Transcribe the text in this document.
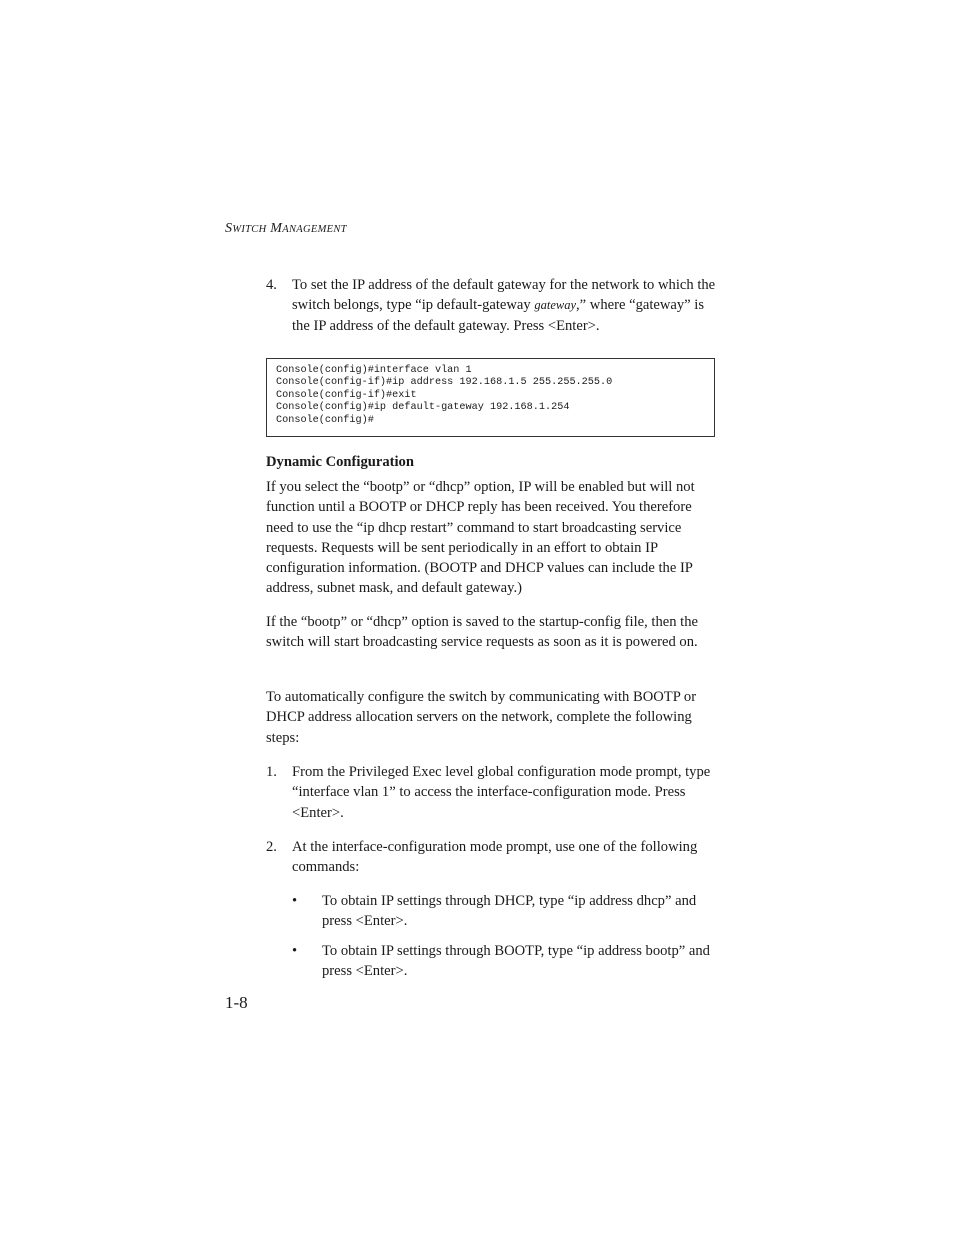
SWITCH MANAGEMENT
4. To set the IP address of the default gateway for the network to which the switch belongs, type “ip default-gateway gateway,” where “gateway” is the IP address of the default gateway. Press <Enter>.
Console(config)#interface vlan 1
Console(config-if)#ip address 192.168.1.5 255.255.255.0
Console(config-if)#exit
Console(config)#ip default-gateway 192.168.1.254
Console(config)#
Dynamic Configuration
If you select the “bootp” or “dhcp” option, IP will be enabled but will not function until a BOOTP or DHCP reply has been received. You therefore need to use the “ip dhcp restart” command to start broadcasting service requests. Requests will be sent periodically in an effort to obtain IP configuration information. (BOOTP and DHCP values can include the IP address, subnet mask, and default gateway.)
If the “bootp” or “dhcp” option is saved to the startup-config file, then the switch will start broadcasting service requests as soon as it is powered on.
To automatically configure the switch by communicating with BOOTP or DHCP address allocation servers on the network, complete the following steps:
1. From the Privileged Exec level global configuration mode prompt, type “interface vlan 1” to access the interface-configuration mode. Press <Enter>.
2. At the interface-configuration mode prompt, use one of the following commands:
• To obtain IP settings through DHCP, type “ip address dhcp” and press <Enter>.
• To obtain IP settings through BOOTP, type “ip address bootp” and press <Enter>.
1-8
